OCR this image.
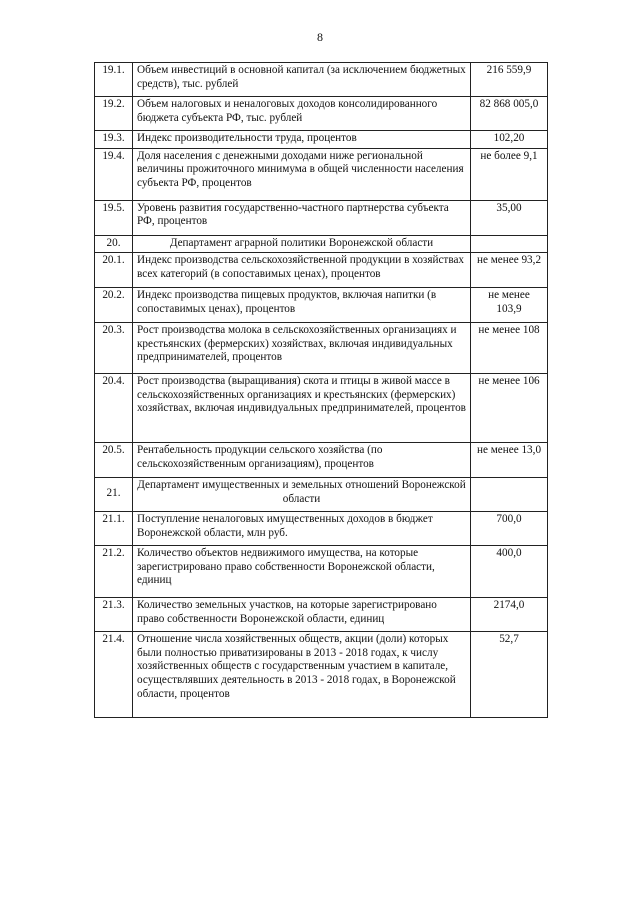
8
19.1.	Объем инвестиций в основной капитал (за исключением бюджетных средств), тыс. рублей	216 559,9
19.2.	Объем налоговых и неналоговых доходов консолидированного бюджета субъекта РФ, тыс. рублей	82 868 005,0
19.3.	Индекс производительности труда, процентов	102,20
19.4.	Доля населения с денежными доходами ниже региональной величины прожиточного минимума в общей численности населения субъекта РФ, процентов	не более 9,1
19.5.	Уровень развития государственно-частного партнерства субъекта РФ, процентов	35,00
20.	Департамент аграрной политики Воронежской области	
20.1.	Индекс производства сельскохозяйственной продукции в хозяйствах всех категорий (в сопоставимых ценах), процентов	не менее 93,2
20.2.	Индекс производства пищевых продуктов, включая напитки (в сопоставимых ценах), процентов	не менее 103,9
20.3.	Рост производства молока в сельскохозяйственных организациях и крестьянских (фермерских) хозяйствах, включая индивидуальных предпринимателей, процентов	не менее 108
20.4.	Рост производства (выращивания) скота и птицы в живой массе в сельскохозяйственных организациях и крестьянских (фермерских) хозяйствах, включая индивидуальных предпринимателей, процентов	не менее 106
20.5.	Рентабельность продукции сельского хозяйства (по сельскохозяйственным организациям), процентов	не менее 13,0
21.	Департамент имущественных и земельных отношений Воронежской области	
21.1.	Поступление неналоговых имущественных доходов в бюджет Воронежской области, млн руб.	700,0
21.2.	Количество объектов недвижимого имущества, на которые зарегистрировано право собственности Воронежской области, единиц	400,0
21.3.	Количество земельных участков, на которые зарегистрировано право собственности Воронежской области, единиц	2174,0
21.4.	Отношение числа хозяйственных обществ, акции (доли) которых были полностью приватизированы в 2013 - 2018 годах, к числу хозяйственных обществ с государственным участием в капитале, осуществлявших деятельность в 2013 - 2018 годах, в Воронежской области, процентов	52,7
